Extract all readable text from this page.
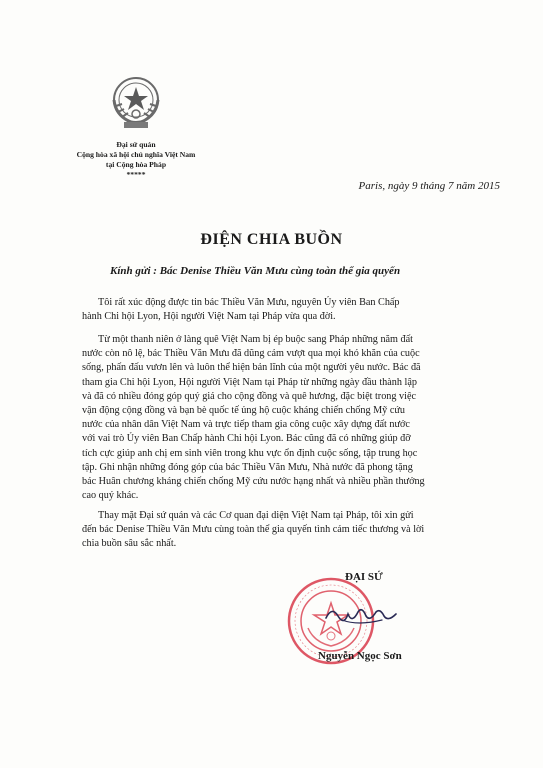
Đại sứ quán
Cộng hòa xã hội chủ nghĩa Việt Nam
tại Cộng hòa Pháp
*****
Paris, ngày 9 tháng 7 năm 2015
ĐIỆN CHIA BUỒN
Kính gửi : Bác Denise Thiều Văn Mưu cùng toàn thể gia quyến
Tôi rất xúc động được tin bác Thiều Văn Mưu, nguyên Ủy viên Ban Chấp
hành Chi hội Lyon, Hội người Việt Nam tại Pháp vừa qua đời.
Từ một thanh niên ở làng quê Việt Nam bị ép buộc sang Pháp những năm đất
nước còn nô lệ, bác Thiều Văn Mưu đã dũng cảm vượt qua mọi khó khăn của cuộc
sống, phấn đấu vươn lên và luôn thể hiện bản lĩnh của một người yêu nước. Bác đã
tham gia Chi hội Lyon, Hội người Việt Nam tại Pháp từ những ngày đầu thành lập
và đã có nhiều đóng góp quý giá cho cộng đồng và quê hương, đặc biệt trong việc
vận động cộng đồng và bạn bè quốc tế ủng hộ cuộc kháng chiến chống Mỹ cứu
nước của nhân dân Việt Nam và trực tiếp tham gia công cuộc xây dựng đất nước
với vai trò Ủy viên Ban Chấp hành Chi hội Lyon. Bác cũng đã có những giúp đỡ
tích cực giúp anh chị em sinh viên trong khu vực ổn định cuộc sống, tập trung học
tập. Ghi nhận những đóng góp của bác Thiều Văn Mưu, Nhà nước đã phong tặng
bác Huân chương kháng chiến chống Mỹ cứu nước hạng nhất và nhiều phần thưởng
cao quý khác.
Thay mặt Đại sứ quán và các Cơ quan đại diện Việt Nam tại Pháp, tôi xin gửi
đến bác Denise Thiều Văn Mưu cùng toàn thể gia quyến tình cảm tiếc thương và lời
chia buồn sâu sắc nhất.
ĐẠI SỨ
Nguyễn Ngọc Sơn
